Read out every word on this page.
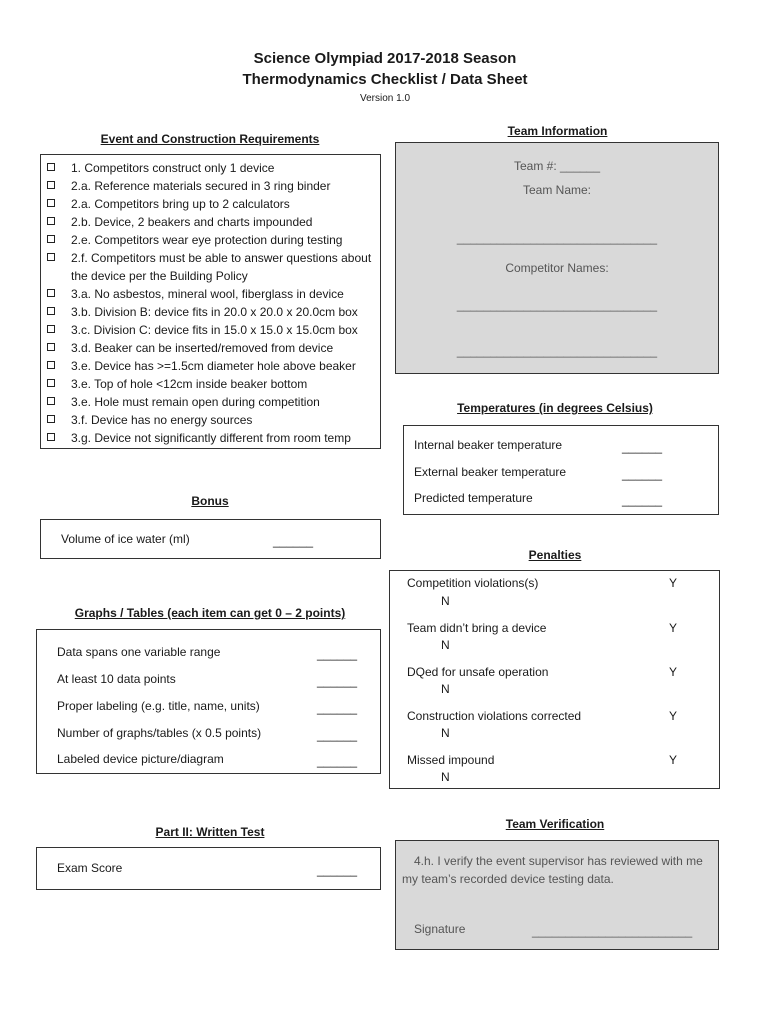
Science Olympiad 2017-2018 Season
Thermodynamics Checklist / Data Sheet
Version 1.0
Event and Construction Requirements
1. Competitors construct only 1 device
2.a. Reference materials secured in 3 ring binder
2.a. Competitors bring up to 2 calculators
2.b. Device, 2 beakers and charts impounded
2.e. Competitors wear eye protection during testing
2.f. Competitors must be able to answer questions about the device per the Building Policy
3.a. No asbestos, mineral wool, fiberglass in device
3.b. Division B: device fits in 20.0 x 20.0 x 20.0cm box
3.c. Division C: device fits in 15.0 x 15.0 x 15.0cm box
3.d. Beaker can be inserted/removed from device
3.e. Device has >=1.5cm diameter hole above beaker
3.e. Top of hole <12cm inside beaker bottom
3.e. Hole must remain open during competition
3.f. Device has no energy sources
3.g. Device not significantly different from room temp
Team Information
Team #: ______
Team Name:
______________________________
Competitor Names:
______________________________
______________________________
Temperatures (in degrees Celsius)
Internal beaker temperature	______
External beaker temperature	______
Predicted temperature	______
Bonus
Volume of ice water (ml)	______
Penalties
Competition violations(s)	Y
N
Team didn’t bring a device	Y
N
DQed for unsafe operation	Y
N
Construction violations corrected	Y
N
Missed impound	Y
N
Graphs / Tables (each item can get 0 – 2 points)
Data spans one variable range	______
At least 10 data points	______
Proper labeling (e.g. title, name, units)	______
Number of graphs/tables (x 0.5 points)	______
Labeled device picture/diagram	______
Part II: Written Test
Exam Score	______
Team Verification
4.h. I verify the event supervisor has reviewed with me my team’s recorded device testing data.
Signature	________________________
